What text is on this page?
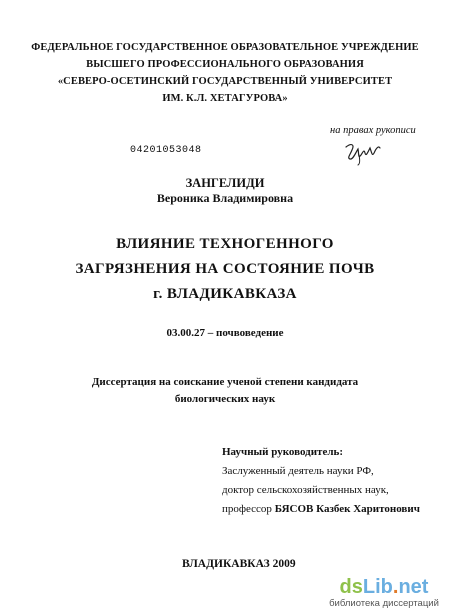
ФЕДЕРАЛЬНОЕ ГОСУДАРСТВЕННОЕ ОБРАЗОВАТЕЛЬНОЕ УЧРЕЖДЕНИЕ
ВЫСШЕГО ПРОФЕССИОНАЛЬНОГО ОБРАЗОВАНИЯ
«СЕВЕРО-ОСЕТИНСКИЙ ГОСУДАРСТВЕННЫЙ УНИВЕРСИТЕТ
ИМ. К.Л. ХЕТАГУРОВА»
на правах рукописи
04201053048
ЗАНГЕЛИДИ
Вероника Владимировна
ВЛИЯНИЕ ТЕХНОГЕННОГО
ЗАГРЯЗНЕНИЯ НА СОСТОЯНИЕ ПОЧВ
г. ВЛАДИКАВКАЗА
03.00.27 – почвоведение
Диссертация на соискание ученой степени кандидата
биологических наук
Научный руководитель:
Заслуженный деятель науки РФ,
доктор сельскохозяйственных наук,
профессор БЯСОВ Казбек Харитонович
ВЛАДИКАВКАЗ 2009
dsLib.net
библиотека диссертаций
